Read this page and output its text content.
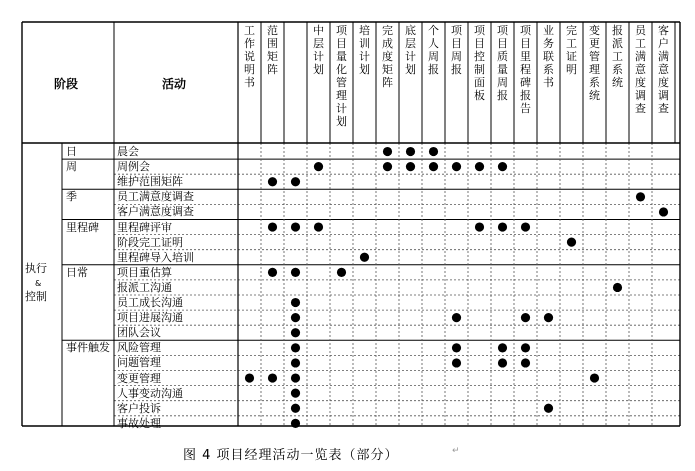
阶段	活动
工
作
说
明
书
范
围
矩
阵
中
层
计
划
项
目
量
化
管
理
计
划
培
训
计
划
完
成
度
矩
阵
底
层
计
划
个
人
周
报
项
目
周
报
项
目
控
制
面
板
项
目
质
量
周
报
项
目
里
程
碑
报
告
业
务
联
系
书
完
工
证
明
变
更
管
理
系
统
报
派
工
系
统
员
工
满
意
度
调
查
客
户
满
意
度
调
查
执行
&
控制
日
周
季
里程碑
日常
事件触发
晨会
周例会
维护范围矩阵
员工满意度调查
客户满意度调查
里程碑评审
阶段完工证明
里程碑导入培训
项目重估算
报派工沟通
员工成长沟通
项目进展沟通
团队会议
风险管理
问题管理
变更管理
人事变动沟通
客户投诉
事故处理
图 4 项目经理活动一览表（部分）	↵
